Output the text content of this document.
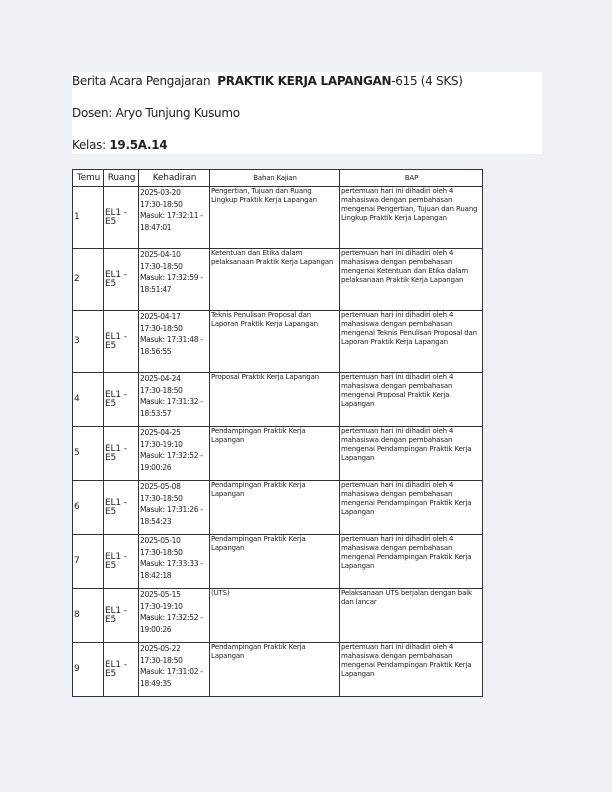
Berita Acara Pengajaran PRAKTIK KERJA LAPANGAN-615 (4 SKS)
Dosen: Aryo Tunjung Kusumo
Kelas: 19.5A.14
Temu	Ruang	Kehadiran	Bahan Kajian	BAP
1	EL1 - E5	2025-03-20
17:30-18:50
Masuk: 17:32:11 -
18:47:01	Pengertian, Tujuan dan Ruang Lingkup Praktik Kerja Lapangan	pertemuan hari ini dihadiri oleh 4 mahasiswa dengan pembahasan mengenai Pengertian, Tujuan dan Ruang Lingkup Praktik Kerja Lapangan
2	EL1 - E5	2025-04-10
17:30-18:50
Masuk: 17:32:59 -
18:51:47	Ketentuan dan Etika dalam pelaksanaan Praktik Kerja Lapangan	pertemuan hari ini dihadiri oleh 4 mahasiswa dengan pembahasan mengenai Ketentuan dan Etika dalam pelaksanaan Praktik Kerja Lapangan
3	EL1 - E5	2025-04-17
17:30-18:50
Masuk: 17:31:48 -
18:56:55	Teknis Penulisan Proposal dan Laporan Praktik Kerja Lapangan	pertemuan hari ini dihadiri oleh 4 mahasiswa dengan pembahasan mengenai Teknis Penulisan Proposal dan Laporan Praktik Kerja Lapangan
4	EL1 - E5	2025-04-24
17:30-18:50
Masuk: 17:31:32 -
18:53:57	Proposal Praktik Kerja Lapangan	pertemuan hari ini dihadiri oleh 4 mahasiswa dengan pembahasan mengenai Proposal Praktik Kerja Lapangan
5	EL1 - E5	2025-04-25
17:30-19:10
Masuk: 17:32:52 -
19:00:26	Pendampingan Praktik Kerja Lapangan	pertemuan hari ini dihadiri oleh 4 mahasiswa dengan pembahasan mengenai Pendampingan Praktik Kerja Lapangan
6	EL1 - E5	2025-05-08
17:30-18:50
Masuk: 17:31:26 -
18:54:23	Pendampingan Praktik Kerja Lapangan	pertemuan hari ini dihadiri oleh 4 mahasiswa dengan pembahasan mengenai Pendampingan Praktik Kerja Lapangan
7	EL1 - E5	2025-05-10
17:30-18:50
Masuk: 17:33:33 -
18:42:18	Pendampingan Praktik Kerja Lapangan	pertemuan hari ini dihadiri oleh 4 mahasiswa dengan pembahasan mengenai Pendampingan Praktik Kerja Lapangan
8	EL1 - E5	2025-05-15
17:30-19:10
Masuk: 17:32:52 -
19:00:26	(UTS)	Pelaksanaan UTS berjalan dengan baik dan lancar
9	EL1 - E5	2025-05-22
17:30-18:50
Masuk: 17:31:02 -
18:49:35	Pendampingan Praktik Kerja Lapangan	pertemuan hari ini dihadiri oleh 4 mahasiswa dengan pembahasan mengenai Pendampingan Praktik Kerja Lapangan
